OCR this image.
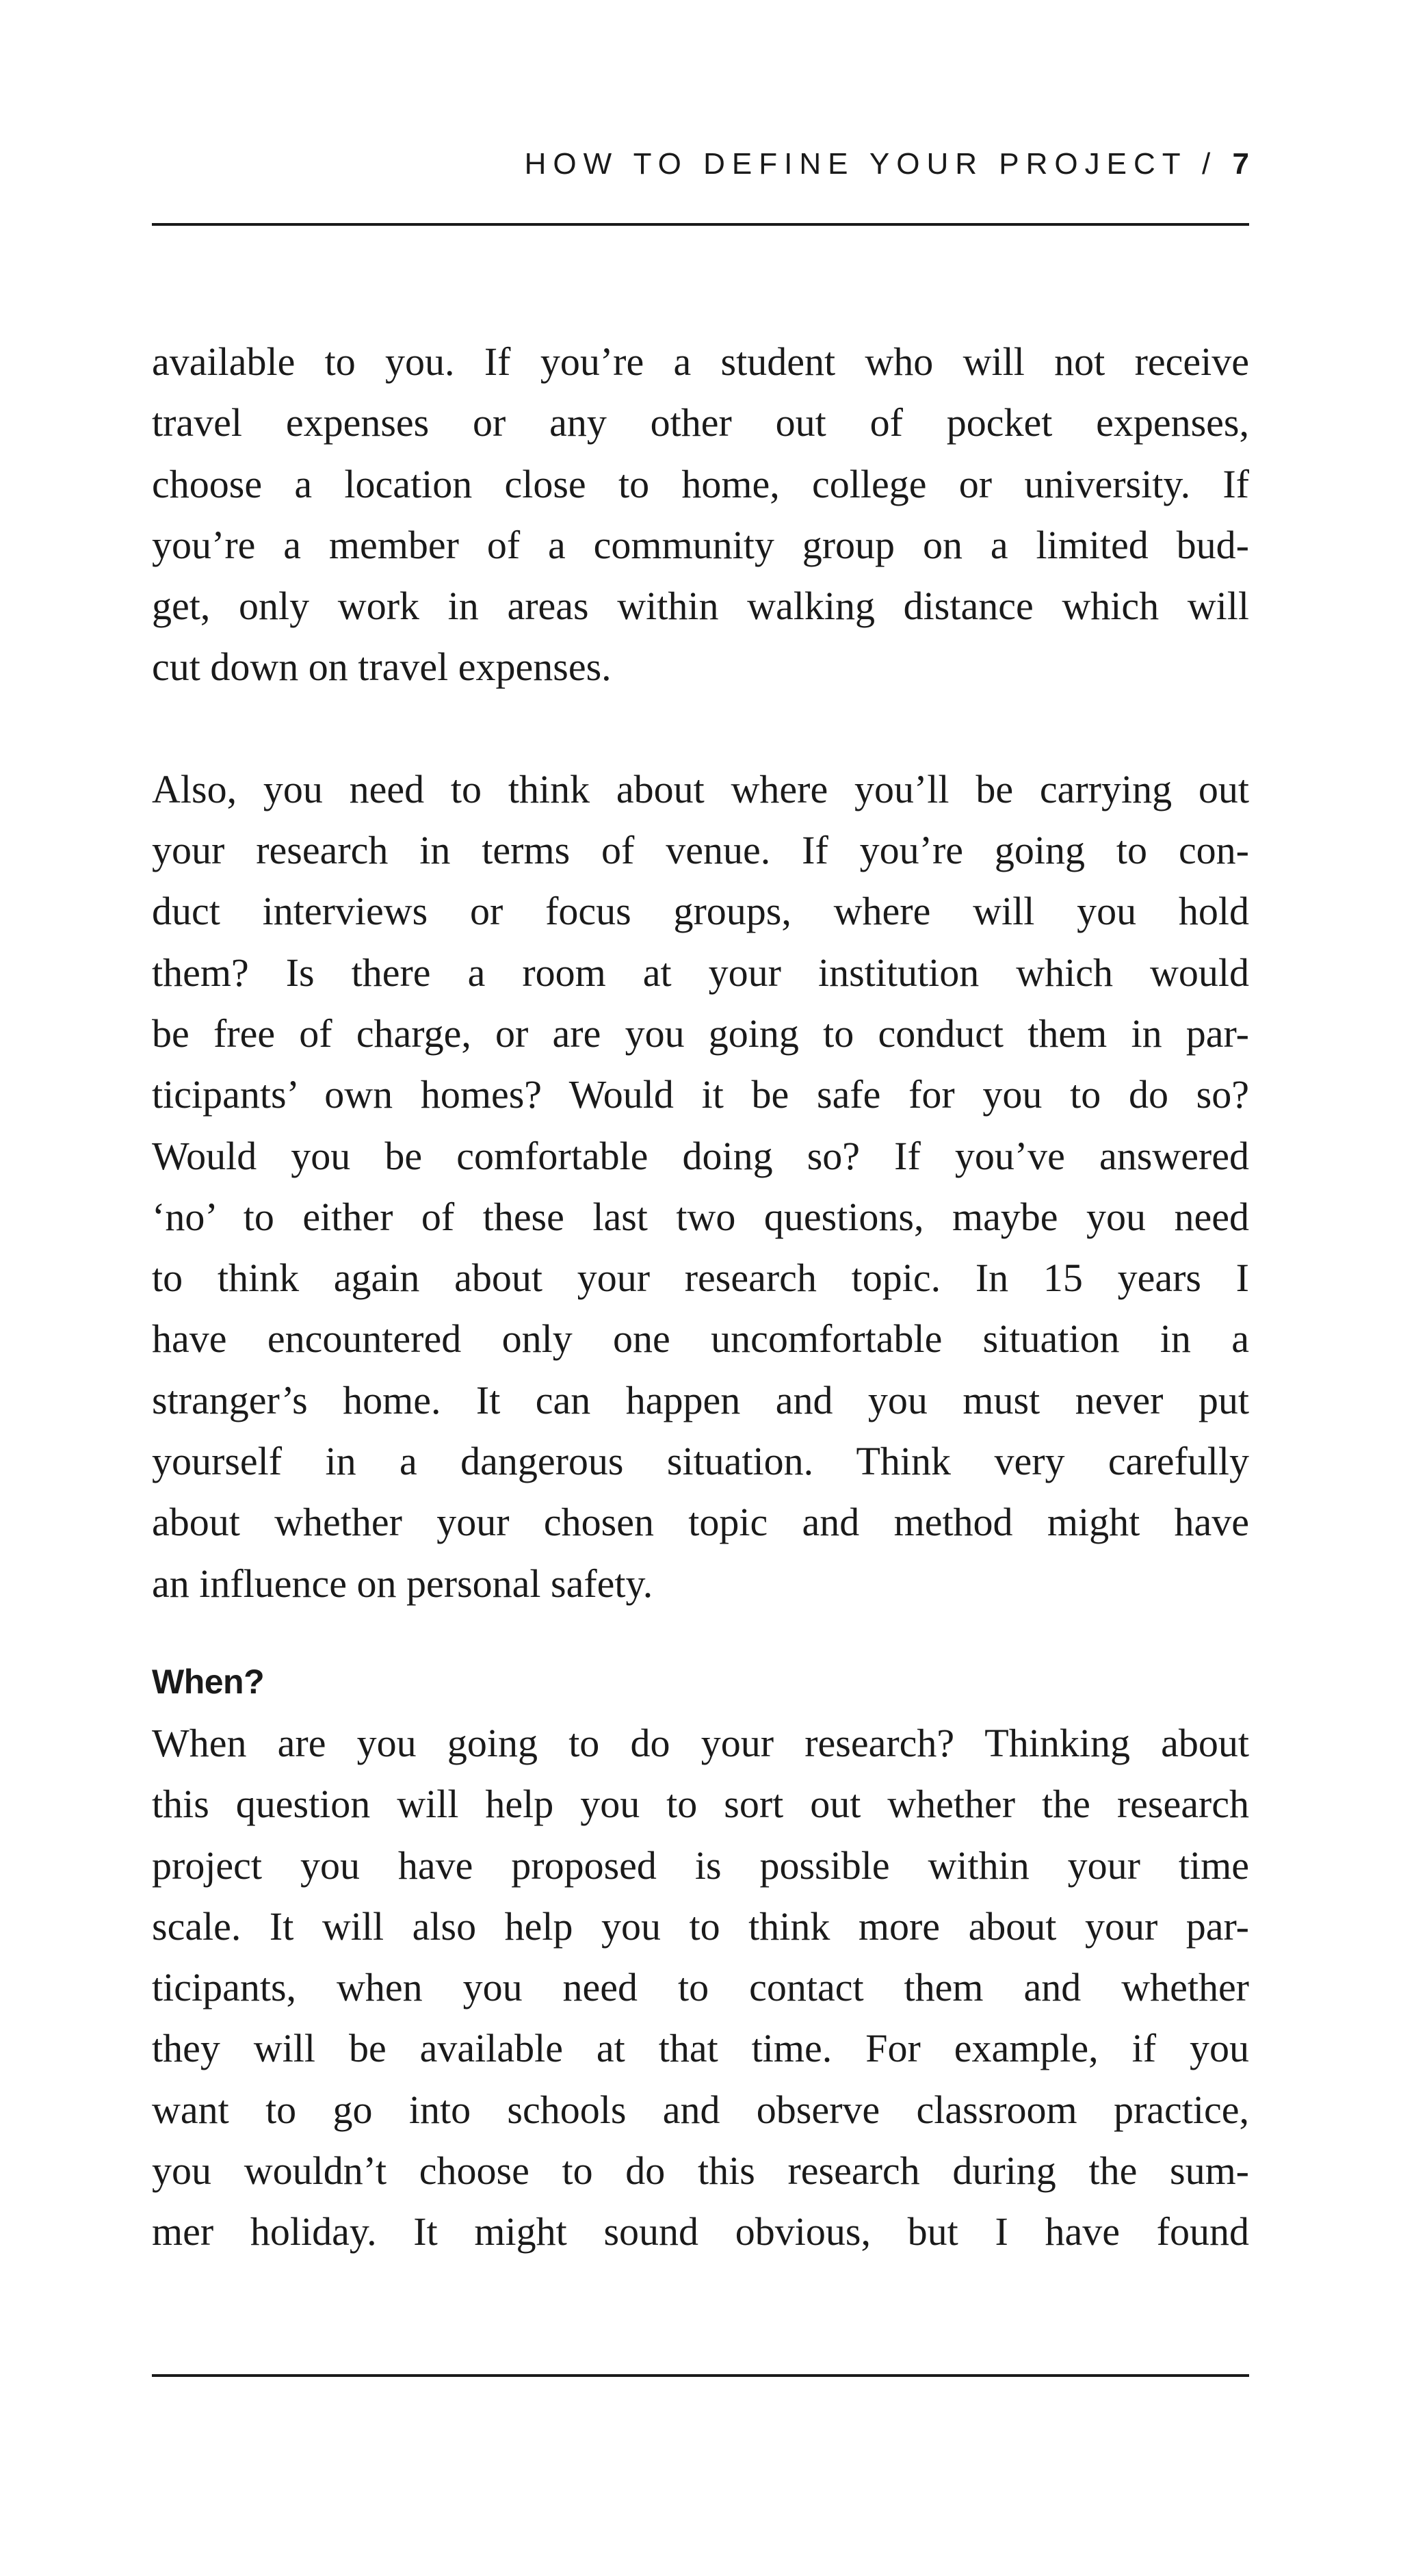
HOW TO DEFINE YOUR PROJECT / 7

available to you. If you’re a student who will not receive
travel expenses or any other out of pocket expenses,
choose a location close to home, college or university. If
you’re a member of a community group on a limited bud-
get, only work in areas within walking distance which will
cut down on travel expenses.

Also, you need to think about where you’ll be carrying out
your research in terms of venue. If you’re going to con-
duct interviews or focus groups, where will you hold
them? Is there a room at your institution which would
be free of charge, or are you going to conduct them in par-
ticipants’ own homes? Would it be safe for you to do so?
Would you be comfortable doing so? If you’ve answered
‘no’ to either of these last two questions, maybe you need
to think again about your research topic. In 15 years I
have encountered only one uncomfortable situation in a
stranger’s home. It can happen and you must never put
yourself in a dangerous situation. Think very carefully
about whether your chosen topic and method might have
an influence on personal safety.

When?

When are you going to do your research? Thinking about
this question will help you to sort out whether the research
project you have proposed is possible within your time
scale. It will also help you to think more about your par-
ticipants, when you need to contact them and whether
they will be available at that time. For example, if you
want to go into schools and observe classroom practice,
you wouldn’t choose to do this research during the sum-
mer holiday. It might sound obvious, but I have found
